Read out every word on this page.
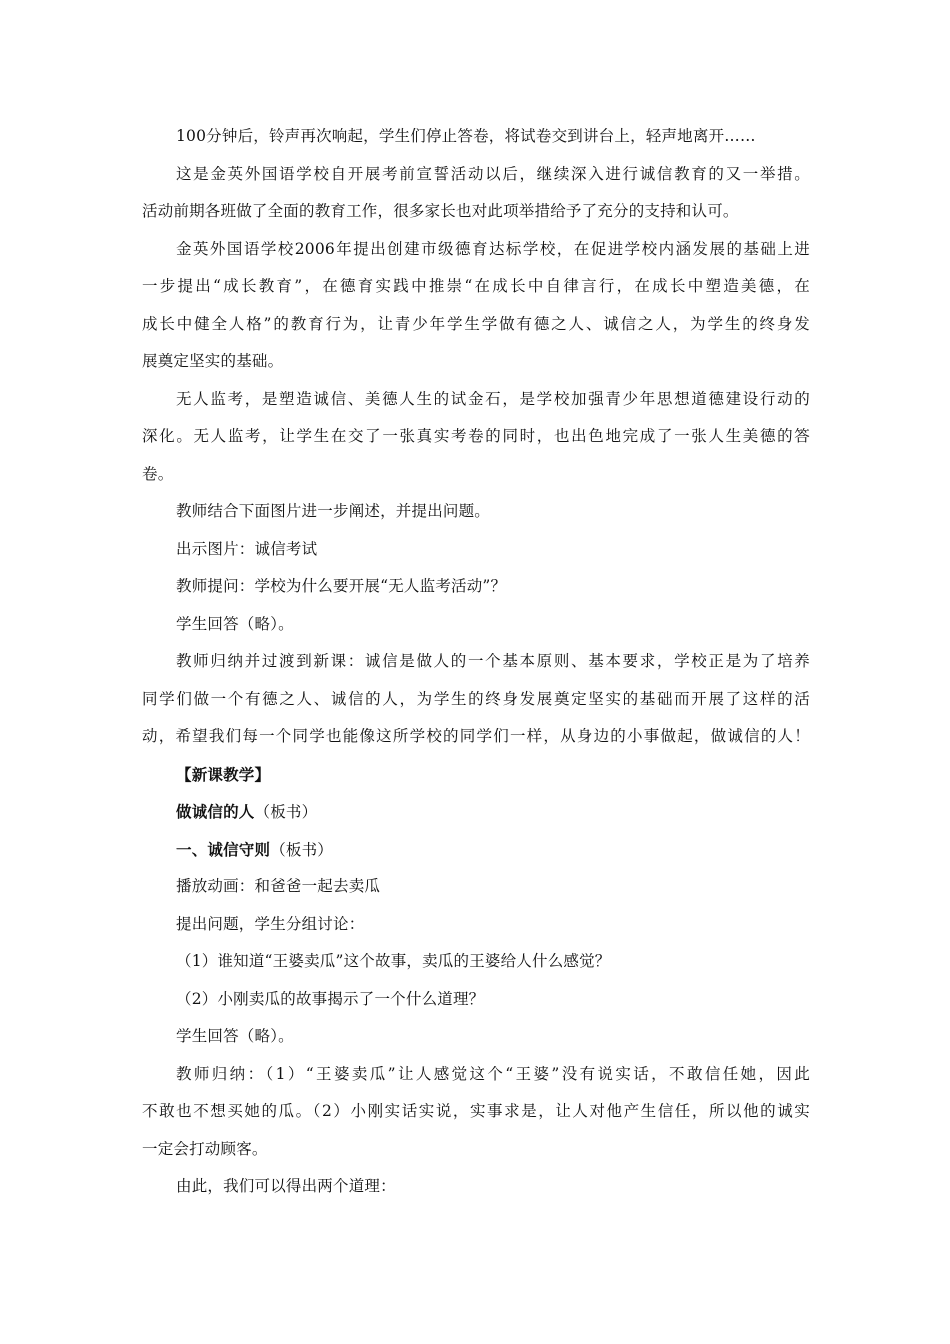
100分钟后，铃声再次响起，学生们停止答卷，将试卷交到讲台上，轻声地离开……
这是金英外国语学校自开展考前宣誓活动以后，继续深入进行诚信教育的又一举措。
活动前期各班做了全面的教育工作，很多家长也对此项举措给予了充分的支持和认可。
金英外国语学校2006年提出创建市级德育达标学校，在促进学校内涵发展的基础上进
一步提出“成长教育”，在德育实践中推崇“在成长中自律言行，在成长中塑造美德，在
成长中健全人格”的教育行为，让青少年学生学做有德之人、诚信之人，为学生的终身发
展奠定坚实的基础。
无人监考，是塑造诚信、美德人生的试金石，是学校加强青少年思想道德建设行动的
深化。无人监考，让学生在交了一张真实考卷的同时，也出色地完成了一张人生美德的答
卷。
教师结合下面图片进一步阐述，并提出问题。
出示图片：诚信考试
教师提问：学校为什么要开展“无人监考活动”？
学生回答（略）。
教师归纳并过渡到新课：诚信是做人的一个基本原则、基本要求，学校正是为了培养
同学们做一个有德之人、诚信的人，为学生的终身发展奠定坚实的基础而开展了这样的活
动，希望我们每一个同学也能像这所学校的同学们一样，从身边的小事做起，做诚信的人！
【新课教学】
做诚信的人（板书）
一、诚信守则（板书）
播放动画：和爸爸一起去卖瓜
提出问题，学生分组讨论：
（1）谁知道“王婆卖瓜”这个故事，卖瓜的王婆给人什么感觉？
（2）小刚卖瓜的故事揭示了一个什么道理？
学生回答（略）。
教师归纳：（1）“王婆卖瓜”让人感觉这个“王婆”没有说实话，不敢信任她，因此
不敢也不想买她的瓜。（2）小刚实话实说，实事求是，让人对他产生信任，所以他的诚实
一定会打动顾客。
由此，我们可以得出两个道理：
